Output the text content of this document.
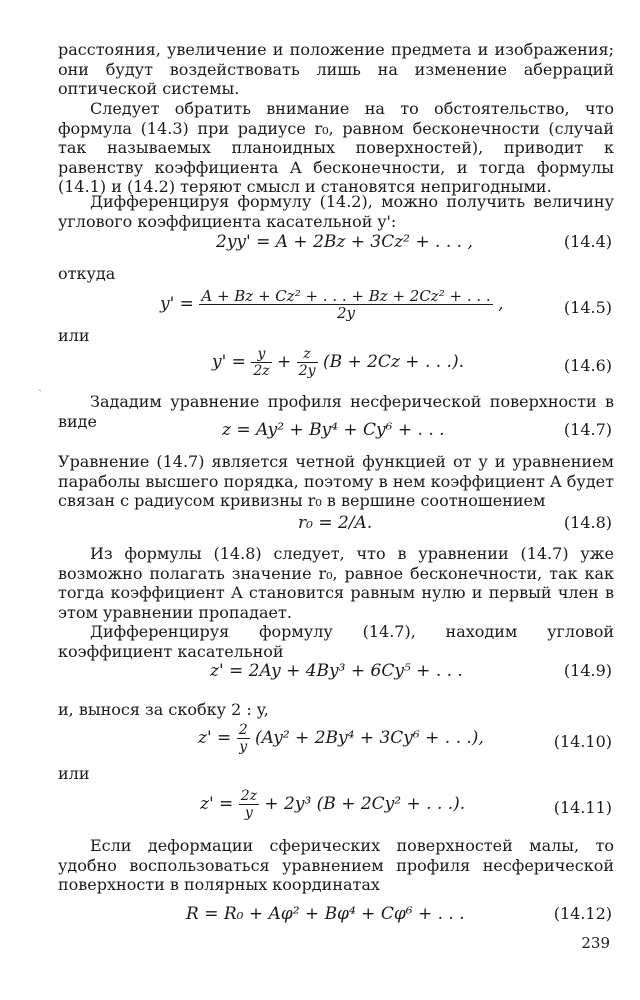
расстояния, увеличение и положение предмета и изображения; они будут воздействовать лишь на изменение аберраций оптической системы.

Следует обратить внимание на то обстоятельство, что формула (14.3) при радиусе r₀, равном бесконечности (случай так называемых планоидных поверхностей), приводит к равенству коэффициента A бесконечности, и тогда формулы (14.1) и (14.2) теряют смысл и становятся непригодными.

Дифференцируя формулу (14.2), можно получить величину углового коэффициента касательной y':

2yy' = A + 2Bz + 3Cz² + . . . ,	(14.4)

откуда

$y' = \frac{\text{A + Bz + Cz² + . . . + Bz + 2Cz² + . . .}}{2y}$ ,	(14.5)

или

$y' = \frac{y}{2z} + \frac{z}{2y} (B + 2Cz$ + . . .).	(14.6)

ˏ

Зададим уравнение профиля несферической поверхности в виде	z = Ay² + By⁴ + Cy⁶ + . . .	(14.7)

Уравнение (14.7) является четной функцией от y и уравнением параболы высшего порядка, поэтому в нем коэффициент A будет связан с радиусом кривизны r₀ в вершине соотношением

r₀ = 2/A.	(14.8)

Из формулы (14.8) следует, что в уравнении (14.7) уже возможно полагать значение r₀, равное бесконечности, так как тогда коэффициент A становится равным нулю и первый член в этом уравнении пропадает.

Дифференцируя формулу (14.7), находим угловой коэффициент касательной

z' = 2Ay + 4By³ + 6Cy⁵ + . . .	(14.9)

и, вынося за скобку 2 : y,

$z' = \frac{2}{y} (Ay^2 + 2By^4 + 3Cy^6$ + . . .),	(14.10)

или

$z' = \frac{2z}{y} + 2y^3$ (B + 2Cy² + . . .).	(14.11)

Если деформации сферических поверхностей малы, то удобно воспользоваться уравнением профиля несферической поверхности в полярных координатах

R = R₀ + Aφ² + Bφ⁴ + Cφ⁶ + . . .	(14.12)

239
